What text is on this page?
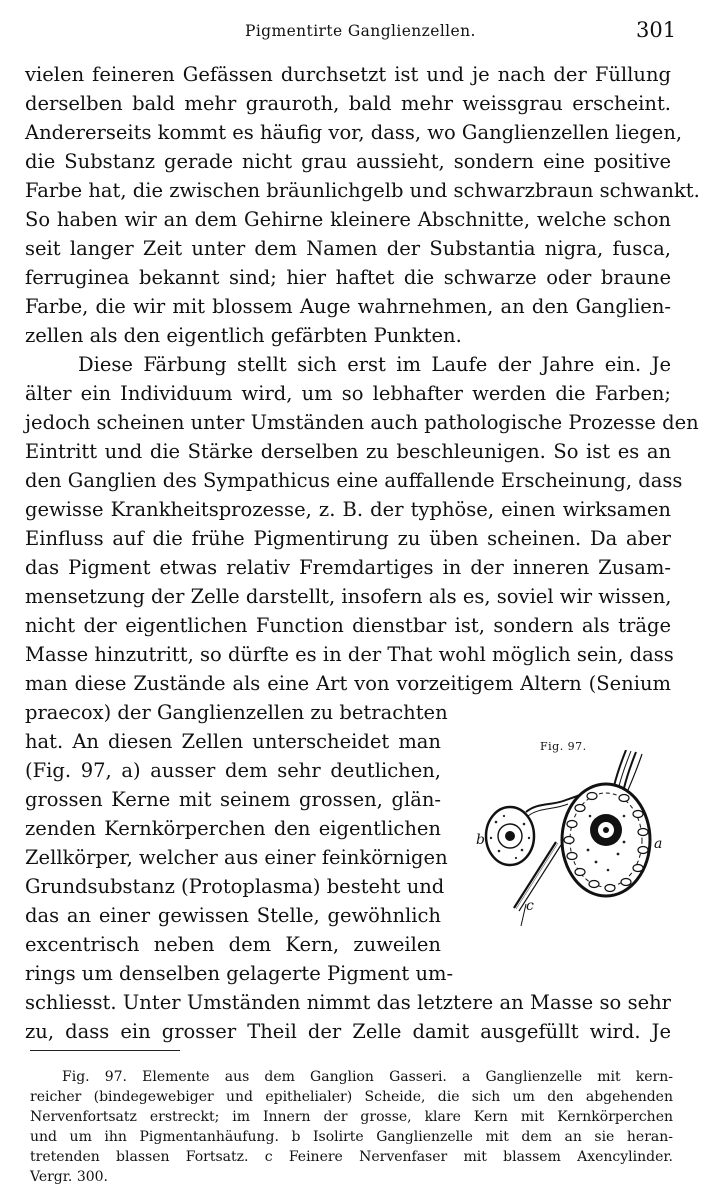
Pigmentirte Ganglienzellen.	301
vielen feineren Gefässen durchsetzt ist und je nach der Füllung
derselben bald mehr grauroth, bald mehr weissgrau erscheint.
Andererseits kommt es häufig vor, dass, wo Ganglienzellen liegen,
die Substanz gerade nicht grau aussieht, sondern eine positive
Farbe hat, die zwischen bräunlichgelb und schwarzbraun schwankt.
So haben wir an dem Gehirne kleinere Abschnitte, welche schon
seit langer Zeit unter dem Namen der Substantia nigra, fusca,
ferruginea bekannt sind; hier haftet die schwarze oder braune
Farbe, die wir mit blossem Auge wahrnehmen, an den Ganglien-
zellen als den eigentlich gefärbten Punkten.
Diese Färbung stellt sich erst im Laufe der Jahre ein. Je
älter ein Individuum wird, um so lebhafter werden die Farben;
jedoch scheinen unter Umständen auch pathologische Prozesse den
Eintritt und die Stärke derselben zu beschleunigen. So ist es an
den Ganglien des Sympathicus eine auffallende Erscheinung, dass
gewisse Krankheitsprozesse, z. B. der typhöse, einen wirksamen
Einfluss auf die frühe Pigmentirung zu üben scheinen. Da aber
das Pigment etwas relativ Fremdartiges in der inneren Zusam-
mensetzung der Zelle darstellt, insofern als es, soviel wir wissen,
nicht der eigentlichen Function dienstbar ist, sondern als träge
Masse hinzutritt, so dürfte es in der That wohl möglich sein, dass
man diese Zustände als eine Art von vorzeitigem Altern (Senium
praecox) der Ganglienzellen zu betrachten
hat. An diesen Zellen unterscheidet man
(Fig. 97, a) ausser dem sehr deutlichen,
grossen Kerne mit seinem grossen, glän-
zenden Kernkörperchen den eigentlichen
Zellkörper, welcher aus einer feinkörnigen
Grundsubstanz (Protoplasma) besteht und
das an einer gewissen Stelle, gewöhnlich
excentrisch neben dem Kern, zuweilen
rings um denselben gelagerte Pigment um-
schliesst. Unter Umständen nimmt das letztere an Masse so sehr
zu, dass ein grosser Theil der Zelle damit ausgefüllt wird. Je
Fig. 97.
b	a
c
Fig. 97. Elemente aus dem Ganglion Gasseri. a Ganglienzelle mit kern-
reicher (bindegewebiger und epithelialer) Scheide, die sich um den abgehenden
Nervenfortsatz erstreckt; im Innern der grosse, klare Kern mit Kernkörperchen
und um ihn Pigmentanhäufung. b Isolirte Ganglienzelle mit dem an sie heran-
tretenden blassen Fortsatz. c Feinere Nervenfaser mit blassem Axencylinder.
Vergr. 300.
